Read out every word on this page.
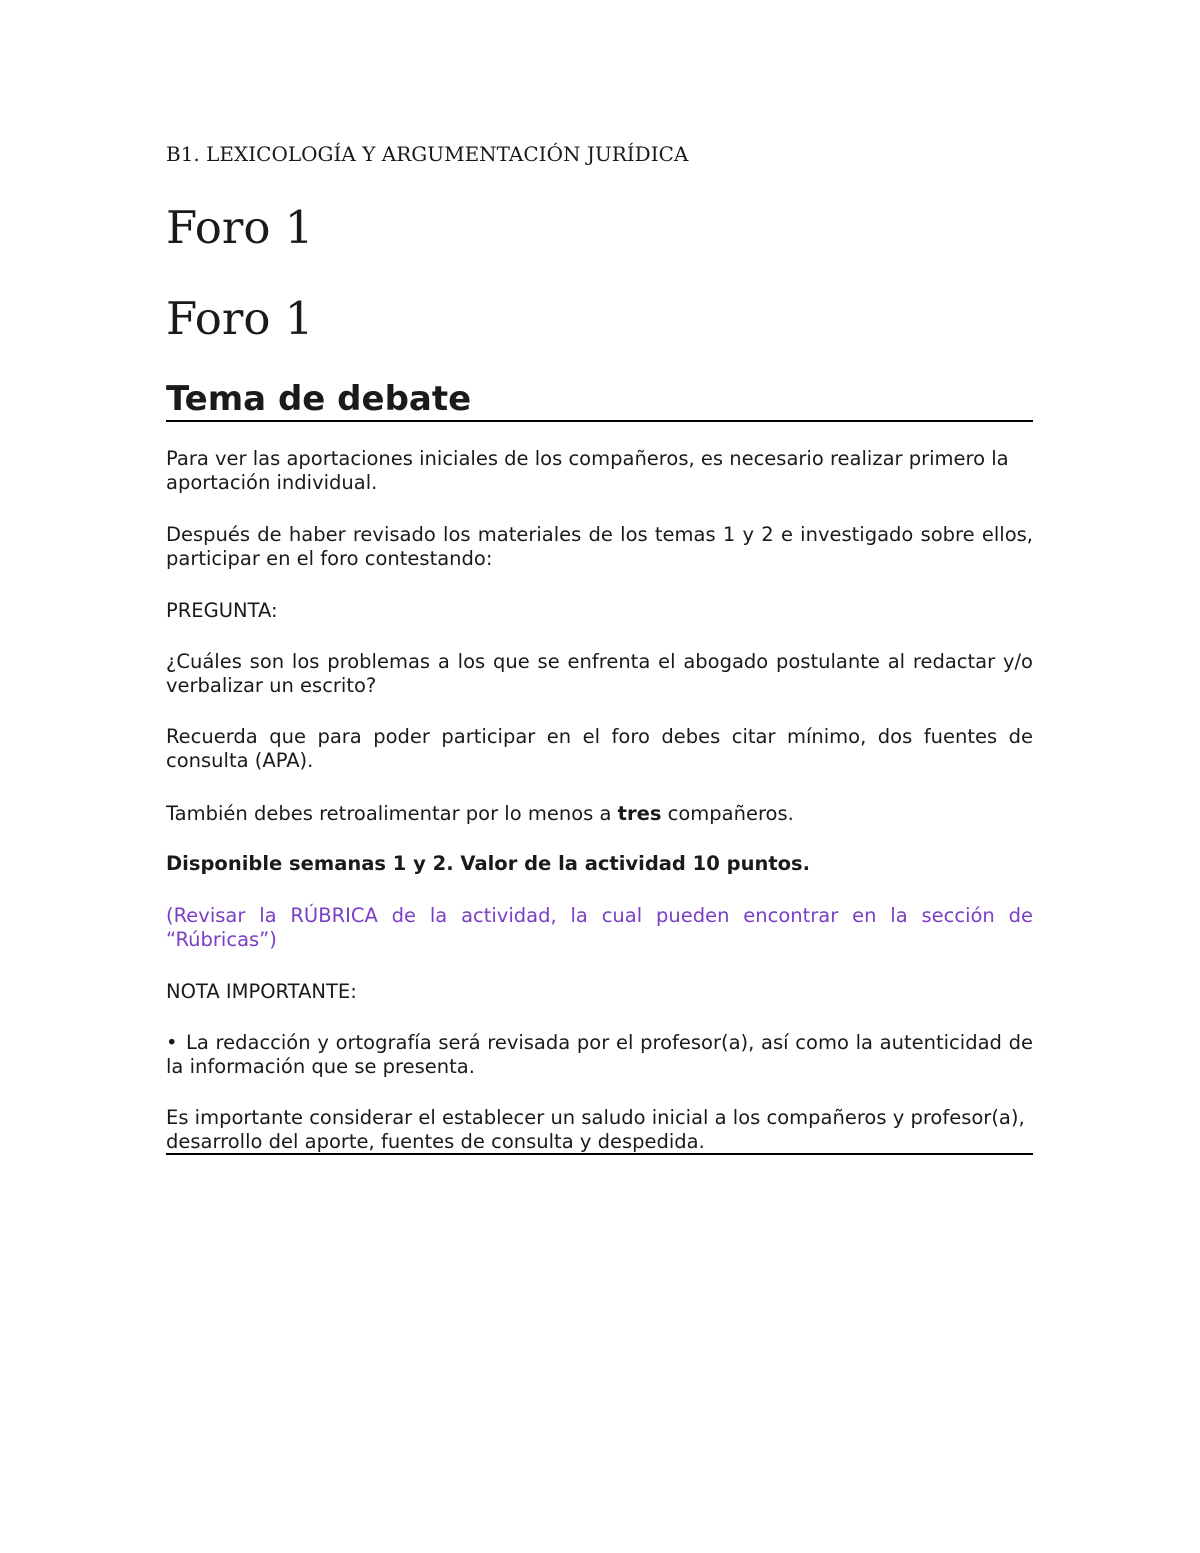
B1. LEXICOLOGÍA Y ARGUMENTACIÓN JURÍDICA
Foro 1
Foro 1
Tema de debate

Para ver las aportaciones iniciales de los compañeros, es necesario realizar primero la aportación individual.

Después de haber revisado los materiales de los temas 1 y 2 e investigado sobre ellos, participar en el foro contestando:

PREGUNTA:

¿Cuáles son los problemas a los que se enfrenta el abogado postulante al redactar y/o verbalizar un escrito?

Recuerda que para poder participar en el foro debes citar mínimo, dos fuentes de consulta (APA).

También debes retroalimentar por lo menos a tres compañeros.

Disponible semanas 1 y 2. Valor de la actividad 10 puntos.

(Revisar la RÚBRICA de la actividad, la cual pueden encontrar en la sección de “Rúbricas”)

NOTA IMPORTANTE:

• La redacción y ortografía será revisada por el profesor(a), así como la autenticidad de la información que se presenta.

Es importante considerar el establecer un saludo inicial a los compañeros y profesor(a), desarrollo del aporte, fuentes de consulta y despedida.
